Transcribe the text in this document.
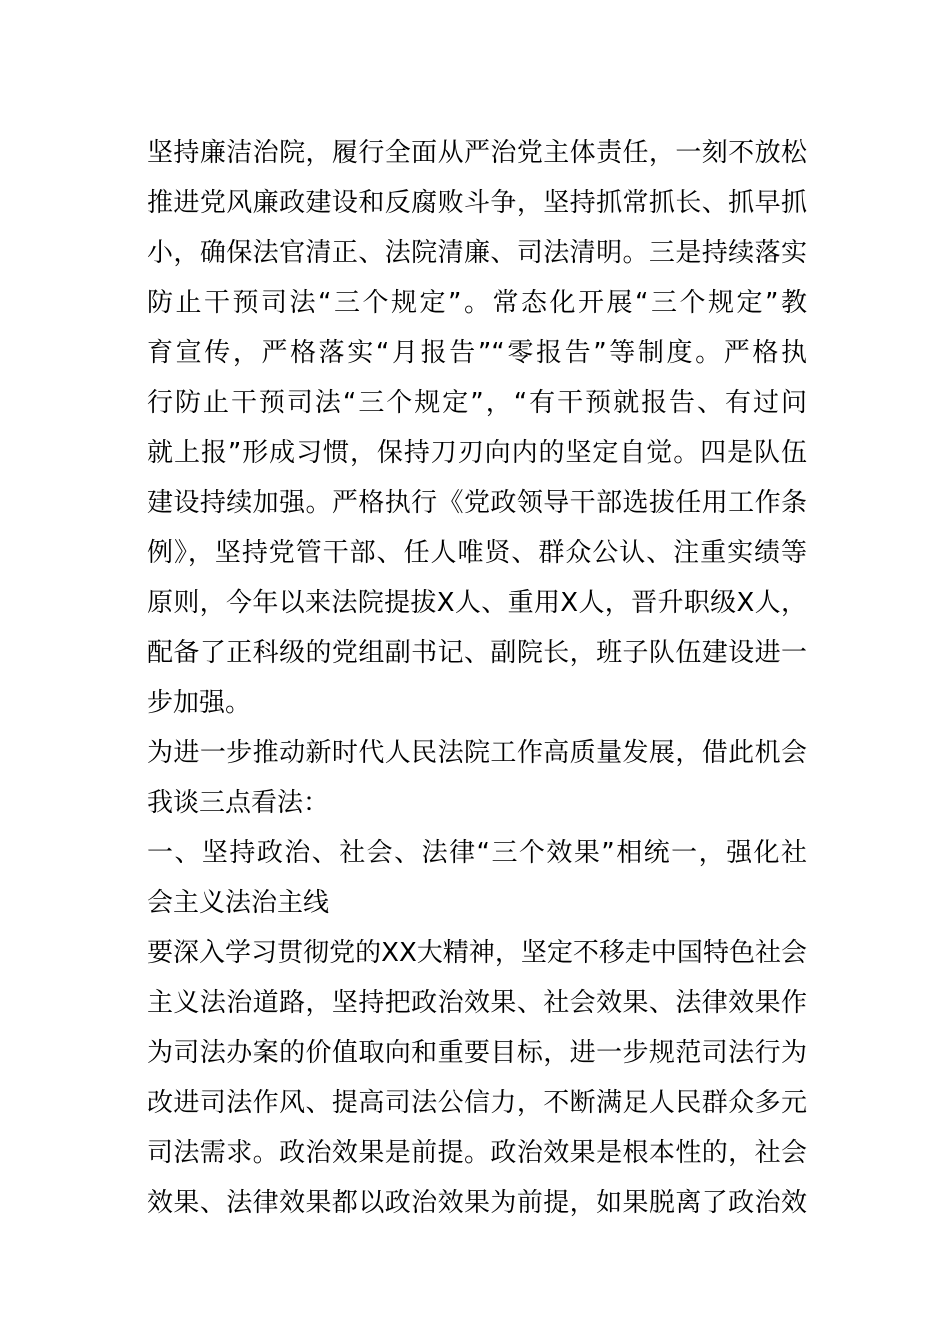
坚持廉洁治院，履行全面从严治党主体责任，一刻不放松
推进党风廉政建设和反腐败斗争，坚持抓常抓长、抓早抓
小，确保法官清正、法院清廉、司法清明。三是持续落实
防止干预司法“三个规定”。常态化开展“三个规定”教
育宣传，严格落实“月报告”“零报告”等制度。严格执
行防止干预司法“三个规定”，“有干预就报告、有过问
就上报”形成习惯，保持刀刃向内的坚定自觉。四是队伍
建设持续加强。严格执行《党政领导干部选拔任用工作条
例》，坚持党管干部、任人唯贤、群众公认、注重实绩等
原则，今年以来法院提拔X人、重用X人，晋升职级X人，
配备了正科级的党组副书记、副院长，班子队伍建设进一
步加强。
为进一步推动新时代人民法院工作高质量发展，借此机会
我谈三点看法：
一、坚持政治、社会、法律“三个效果”相统一，强化社
会主义法治主线
要深入学习贯彻党的XX大精神，坚定不移走中国特色社会
主义法治道路，坚持把政治效果、社会效果、法律效果作
为司法办案的价值取向和重要目标，进一步规范司法行为
改进司法作风、提高司法公信力，不断满足人民群众多元
司法需求。政治效果是前提。政治效果是根本性的，社会
效果、法律效果都以政治效果为前提，如果脱离了政治效
